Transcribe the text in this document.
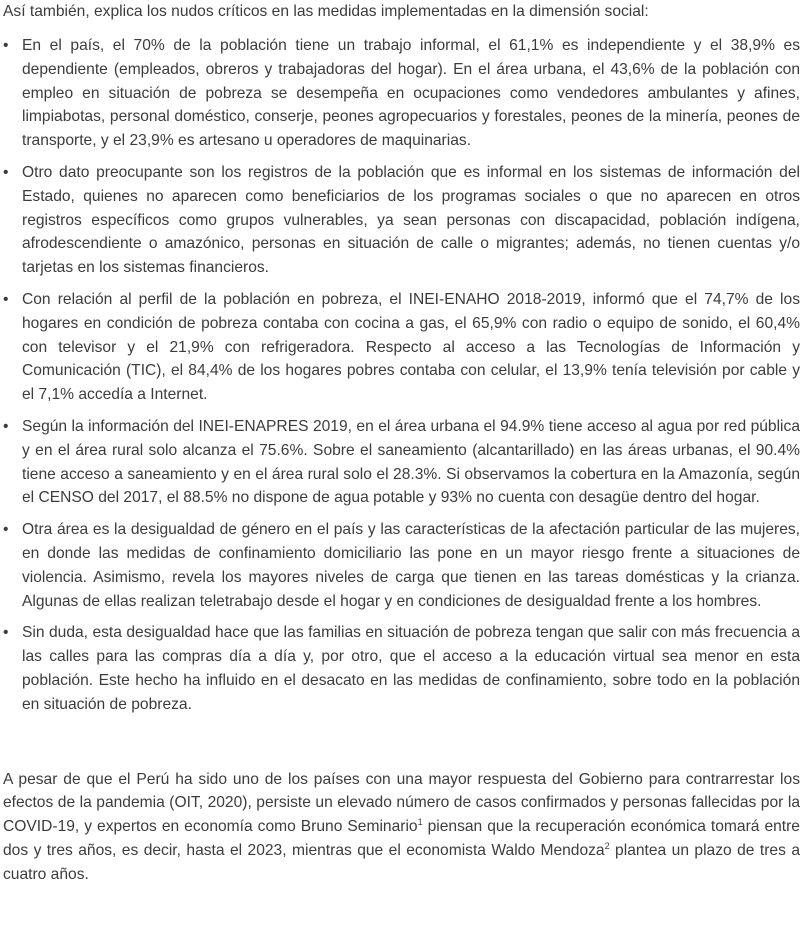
Así también, explica los nudos críticos en las medidas implementadas en la dimensión social:

• En el país, el 70% de la población tiene un trabajo informal, el 61,1% es independiente y el 38,9% es dependiente (empleados, obreros y trabajadoras del hogar). En el área urbana, el 43,6% de la población con empleo en situación de pobreza se desempeña en ocupaciones como vendedores ambulantes y afines, limpiabotas, personal doméstico, conserje, peones agropecuarios y forestales, peones de la minería, peones de transporte, y el 23,9% es artesano u operadores de maquinarias.
• Otro dato preocupante son los registros de la población que es informal en los sistemas de información del Estado, quienes no aparecen como beneficiarios de los programas sociales o que no aparecen en otros registros específicos como grupos vulnerables, ya sean personas con discapacidad, población indígena, afrodescendiente o amazónico, personas en situación de calle o migrantes; además, no tienen cuentas y/o tarjetas en los sistemas financieros.
• Con relación al perfil de la población en pobreza, el INEI-ENAHO 2018-2019, informó que el 74,7% de los hogares en condición de pobreza contaba con cocina a gas, el 65,9% con radio o equipo de sonido, el 60,4% con televisor y el 21,9% con refrigeradora. Respecto al acceso a las Tecnologías de Información y Comunicación (TIC), el 84,4% de los hogares pobres contaba con celular, el 13,9% tenía televisión por cable y el 7,1% accedía a Internet.
• Según la información del INEI-ENAPRES 2019, en el área urbana el 94.9% tiene acceso al agua por red pública y en el área rural solo alcanza el 75.6%. Sobre el saneamiento (alcantarillado) en las áreas urbanas, el 90.4% tiene acceso a saneamiento y en el área rural solo el 28.3%. Si observamos la cobertura en la Amazonía, según el CENSO del 2017, el 88.5% no dispone de agua potable y 93% no cuenta con desagüe dentro del hogar.
• Otra área es la desigualdad de género en el país y las características de la afectación particular de las mujeres, en donde las medidas de confinamiento domiciliario las pone en un mayor riesgo frente a situaciones de violencia. Asimismo, revela los mayores niveles de carga que tienen en las tareas domésticas y la crianza. Algunas de ellas realizan teletrabajo desde el hogar y en condiciones de desigualdad frente a los hombres.
• Sin duda, esta desigualdad hace que las familias en situación de pobreza tengan que salir con más frecuencia a las calles para las compras día a día y, por otro, que el acceso a la educación virtual sea menor en esta población. Este hecho ha influido en el desacato en las medidas de confinamiento, sobre todo en la población en situación de pobreza.

A pesar de que el Perú ha sido uno de los países con una mayor respuesta del Gobierno para contrarrestar los efectos de la pandemia (OIT, 2020), persiste un elevado número de casos confirmados y personas fallecidas por la COVID-19, y expertos en economía como Bruno Seminario$^1$ piensan que la recuperación económica tomará entre dos y tres años, es decir, hasta el 2023, mientras que el economista Waldo Mendoza$^2$ plantea un plazo de tres a cuatro años.
